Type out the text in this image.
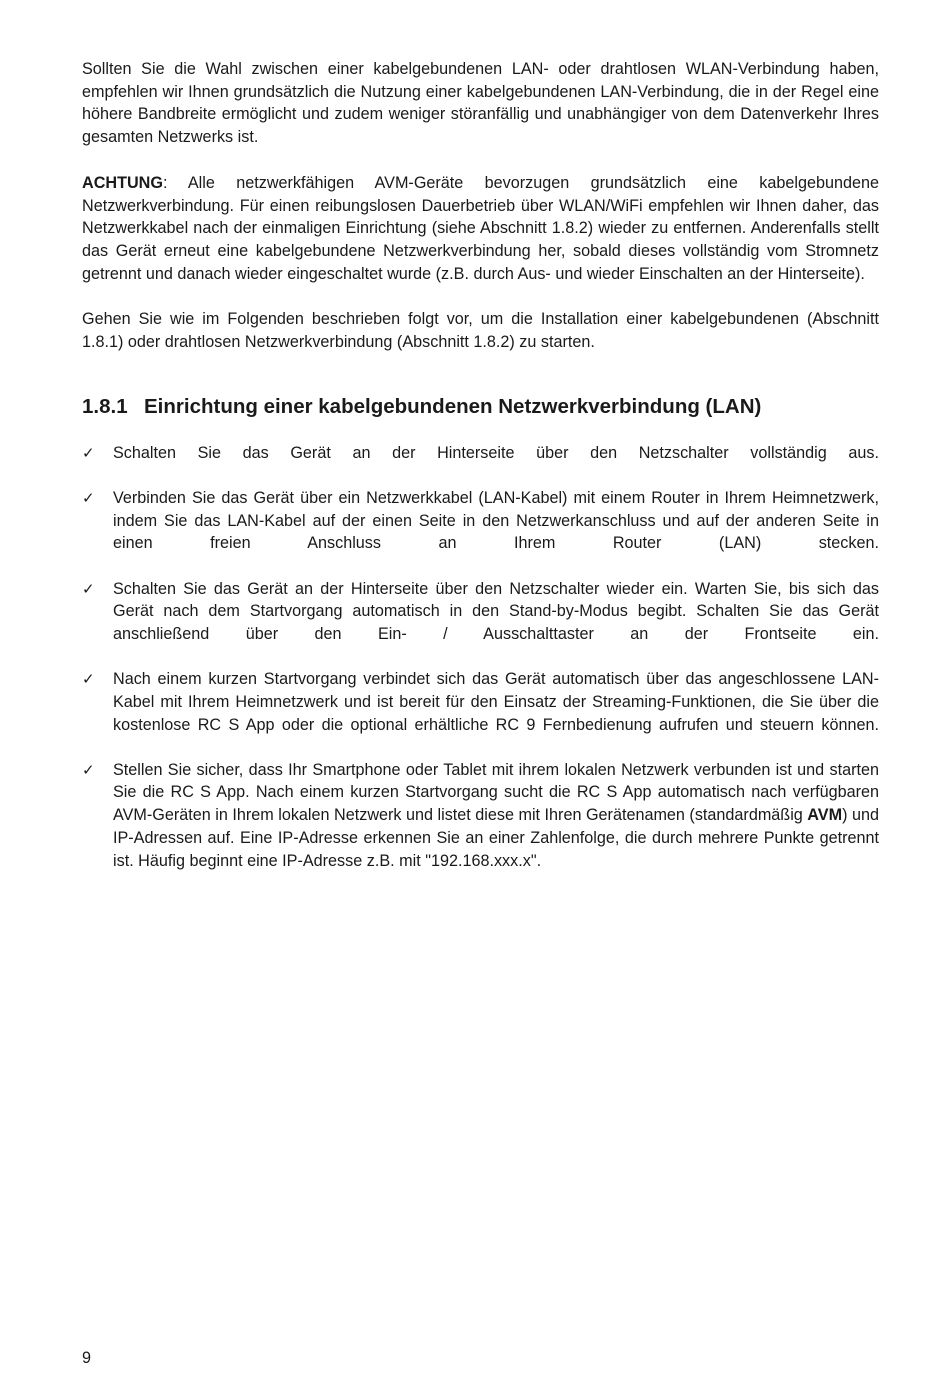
Sollten Sie die Wahl zwischen einer kabelgebundenen LAN- oder drahtlosen WLAN-Verbindung haben, empfehlen wir Ihnen grundsätzlich die Nutzung einer kabelgebundenen LAN-Verbindung, die in der Regel eine höhere Bandbreite ermöglicht und zudem weniger störanfällig und unabhängiger von dem Datenverkehr Ihres gesamten Netzwerks ist.

ACHTUNG: Alle netzwerkfähigen AVM-Geräte bevorzugen grundsätzlich eine kabelgebundene Netzwerkverbindung. Für einen reibungslosen Dauerbetrieb über WLAN/WiFi empfehlen wir Ihnen daher, das Netzwerkkabel nach der einmaligen Einrichtung (siehe Abschnitt 1.8.2) wieder zu entfernen. Anderenfalls stellt das Gerät erneut eine kabelgebundene Netzwerkverbindung her, sobald dieses vollständig vom Stromnetz getrennt und danach wieder eingeschaltet wurde (z.B. durch Aus- und wieder Einschalten an der Hinterseite).

Gehen Sie wie im Folgenden beschrieben folgt vor, um die Installation einer kabelgebundenen (Abschnitt 1.8.1) oder drahtlosen Netzwerkverbindung (Abschnitt 1.8.2) zu starten.

1.8.1 Einrichtung einer kabelgebundenen Netzwerkverbindung (LAN)
✓	Schalten Sie das Gerät an der Hinterseite über den Netzschalter vollständig aus.
✓	Verbinden Sie das Gerät über ein Netzwerkkabel (LAN-Kabel) mit einem Router in Ihrem Heimnetzwerk, indem Sie das LAN-Kabel auf der einen Seite in den Netzwerkanschluss und auf der anderen Seite in einen freien Anschluss an Ihrem Router (LAN) stecken.
✓	Schalten Sie das Gerät an der Hinterseite über den Netzschalter wieder ein. Warten Sie, bis sich das Gerät nach dem Startvorgang automatisch in den Stand-by-Modus begibt. Schalten Sie das Gerät anschließend über den Ein- / Ausschalttaster an der Frontseite ein.
✓	Nach einem kurzen Startvorgang verbindet sich das Gerät automatisch über das angeschlossene LAN-Kabel mit Ihrem Heimnetzwerk und ist bereit für den Einsatz der Streaming-Funktionen, die Sie über die kostenlose RC S App oder die optional erhältliche RC 9 Fernbedienung aufrufen und steuern können.
✓	Stellen Sie sicher, dass Ihr Smartphone oder Tablet mit ihrem lokalen Netzwerk verbunden ist und starten Sie die RC S App. Nach einem kurzen Startvorgang sucht die RC S App automatisch nach verfügbaren AVM-Geräten in Ihrem lokalen Netzwerk und listet diese mit Ihren Gerätenamen (standardmäßig AVM) und IP-Adressen auf. Eine IP-Adresse erkennen Sie an einer Zahlenfolge, die durch mehrere Punkte getrennt ist. Häufig beginnt eine IP-Adresse z.B. mit "192.168.xxx.x".
9
